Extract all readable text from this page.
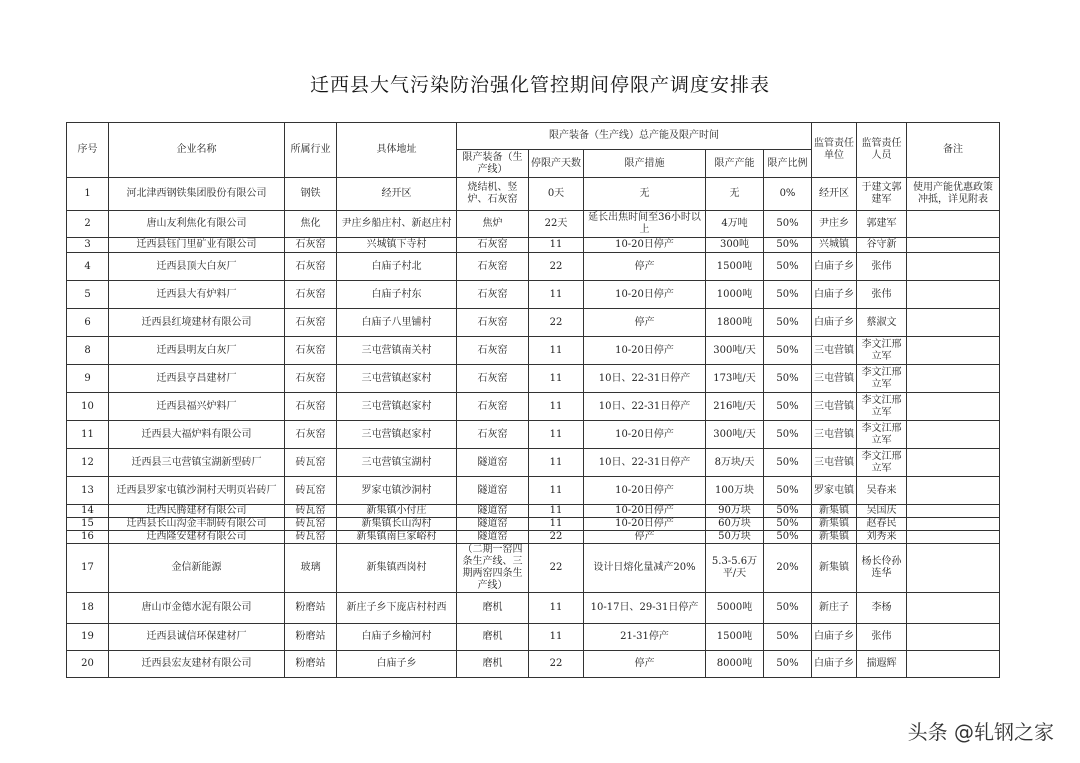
迁西县大气污染防治强化管控期间停限产调度安排表
序号	企业名称	所属行业	具体地址	限产装备（生产线）总产能及限产时间					监管责任单位	监管责任人员	备注
				限产装备（生产线）	停限产天数	限产措施	限产产能	限产比例			
1	河北津西钢铁集团股份有限公司	钢铁	经开区	烧结机、竖炉、石灰窑	0天	无	无	0%	经开区	于建文郭建军	使用产能优惠政策冲抵，详见附表
2	唐山友利焦化有限公司	焦化	尹庄乡船庄村、新赵庄村	焦炉	22天	延长出焦时间至36小时以上	4万吨	50%	尹庄乡	郭建军	
3	迁西县钰门里矿业有限公司	石灰窑	兴城镇下寺村	石灰窑	11	10-20日停产	300吨	50%	兴城镇	谷守新	
4	迁西县顶大白灰厂	石灰窑	白庙子村北	石灰窑	22	停产	1500吨	50%	白庙子乡	张伟	
5	迁西县大有炉料厂	石灰窑	白庙子村东	石灰窑	11	10-20日停产	1000吨	50%	白庙子乡	张伟	
6	迁西县红境建材有限公司	石灰窑	白庙子八里铺村	石灰窑	22	停产	1800吨	50%	白庙子乡	蔡淑文	
8	迁西县明友白灰厂	石灰窑	三屯营镇南关村	石灰窑	11	10-20日停产	300吨/天	50%	三屯营镇	李文江邢立军	
9	迁西县亨昌建材厂	石灰窑	三屯营镇赵家村	石灰窑	11	10日、22-31日停产	173吨/天	50%	三屯营镇	李文江邢立军	
10	迁西县福兴炉料厂	石灰窑	三屯营镇赵家村	石灰窑	11	10日、22-31日停产	216吨/天	50%	三屯营镇	李文江邢立军	
11	迁西县大福炉料有限公司	石灰窑	三屯营镇赵家村	石灰窑	11	10-20日停产	300吨/天	50%	三屯营镇	李文江邢立军	
12	迁西县三屯营镇宝湖新型砖厂	砖瓦窑	三屯营镇宝湖村	隧道窑	11	10日、22-31日停产	8万块/天	50%	三屯营镇	李文江邢立军	
13	迁西县罗家屯镇沙洞村天明页岩砖厂	砖瓦窑	罗家屯镇沙洞村	隧道窑	11	10-20日停产	100万块	50%	罗家屯镇	吴春来	
14	迁西民腾建材有限公司	砖瓦窑	新集镇小付庄	隧道窑	11	10-20日停产	90万块	50%	新集镇	吴国庆	
15	迁西县长山沟金丰制砖有限公司	砖瓦窑	新集镇长山沟村	隧道窑	11	10-20日停产	60万块	50%	新集镇	赵春民	
16	迁西隆安建材有限公司	砖瓦窑	新集镇南巨家峪村	隧道窑	22	停产	50万块	50%	新集镇	刘秀来	
17	金信新能源	玻璃	新集镇西岗村	（二期一窑四条生产线、三期两窑四条生产线）	22	设计日熔化量减产20%	5.3-5.6万平/天	20%	新集镇	杨长伶孙连华	
18	唐山市金德水泥有限公司	粉磨站	新庄子乡下庞店村村西	磨机	11	10-17日、29-31日停产	5000吨	50%	新庄子	李杨	
19	迁西县诚信环保建材厂	粉磨站	白庙子乡榆河村	磨机	11	21-31停产	1500吨	50%	白庙子乡	张伟	
20	迁西县宏友建材有限公司	粉磨站	白庙子乡	磨机	22	停产	8000吨	50%	白庙子乡	揣遐辉	
头条 @轧钢之家
